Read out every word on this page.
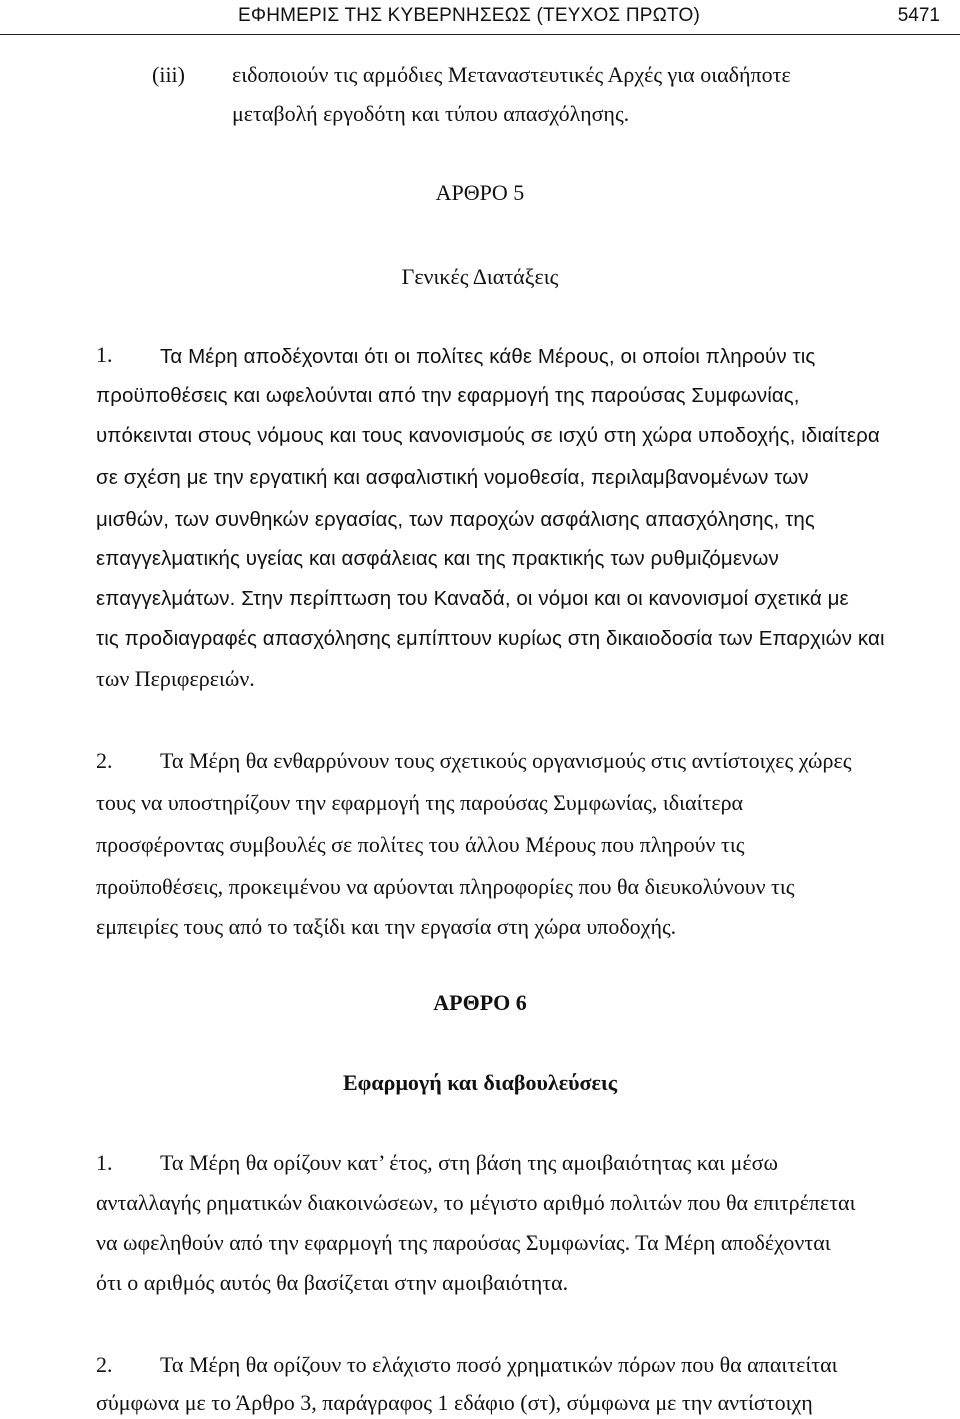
ΕΦΗΜΕΡΙΣ ΤΗΣ ΚΥΒΕΡΝΗΣΕΩΣ (ΤΕΥΧΟΣ ΠΡΩΤΟ)	5471
(iii) ειδοποιούν τις αρμόδιες Μεταναστευτικές Αρχές για οιαδήποτε
μεταβολή εργοδότη και τύπου απασχόλησης.
ΑΡΘΡΟ 5
Γενικές Διατάξεις
1. Τα Μέρη αποδέχονται ότι οι πολίτες κάθε Μέρους, οι οποίοι πληρούν τις
προϋποθέσεις και ωφελούνται από την εφαρμογή της παρούσας Συμφωνίας,
υπόκεινται στους νόμους και τους κανονισμούς σε ισχύ στη χώρα υποδοχής, ιδιαίτερα
σε σχέση με την εργατική και ασφαλιστική νομοθεσία, περιλαμβανομένων των
μισθών, των συνθηκών εργασίας, των παροχών ασφάλισης απασχόλησης, της
επαγγελματικής υγείας και ασφάλειας και της πρακτικής των ρυθμιζόμενων
επαγγελμάτων. Στην περίπτωση του Καναδά, οι νόμοι και οι κανονισμοί σχετικά με
τις προδιαγραφές απασχόλησης εμπίπτουν κυρίως στη δικαιοδοσία των Επαρχιών και
των Περιφερειών.
2. Τα Μέρη θα ενθαρρύνουν τους σχετικούς οργανισμούς στις αντίστοιχες χώρες
τους να υποστηρίζουν την εφαρμογή της παρούσας Συμφωνίας, ιδιαίτερα
προσφέροντας συμβουλές σε πολίτες του άλλου Μέρους που πληρούν τις
προϋποθέσεις, προκειμένου να αρύονται πληροφορίες που θα διευκολύνουν τις
εμπειρίες τους από το ταξίδι και την εργασία στη χώρα υποδοχής.
ΑΡΘΡΟ 6
Εφαρμογή και διαβουλεύσεις
1. Τα Μέρη θα ορίζουν κατ’ έτος, στη βάση της αμοιβαιότητας και μέσω
ανταλλαγής ρηματικών διακοινώσεων, το μέγιστο αριθμό πολιτών που θα επιτρέπεται
να ωφεληθούν από την εφαρμογή της παρούσας Συμφωνίας. Τα Μέρη αποδέχονται
ότι ο αριθμός αυτός θα βασίζεται στην αμοιβαιότητα.
2. Τα Μέρη θα ορίζουν το ελάχιστο ποσό χρηματικών πόρων που θα απαιτείται
σύμφωνα με το Άρθρο 3, παράγραφος 1 εδάφιο (στ), σύμφωνα με την αντίστοιχη
